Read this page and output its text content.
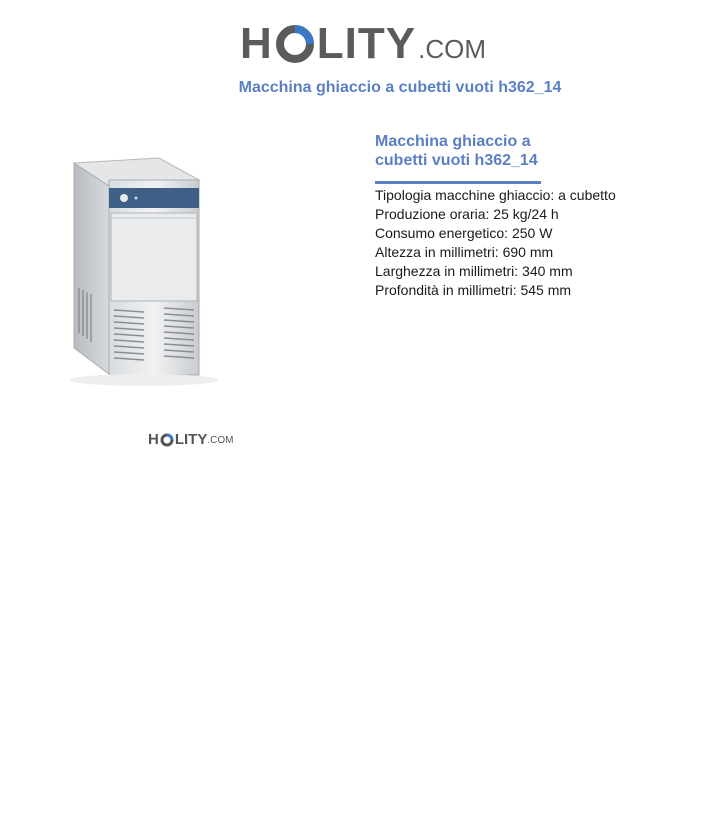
H LITY .COM
Macchina ghiaccio a cubetti vuoti h362_14
H LITY .COM
Macchina ghiaccio a
cubetti vuoti h362_14
Tipologia macchine ghiaccio: a cubetto
Produzione oraria: 25 kg/24 h
Consumo energetico: 250 W
Altezza in millimetri: 690 mm
Larghezza in millimetri: 340 mm
Profondità in millimetri: 545 mm
